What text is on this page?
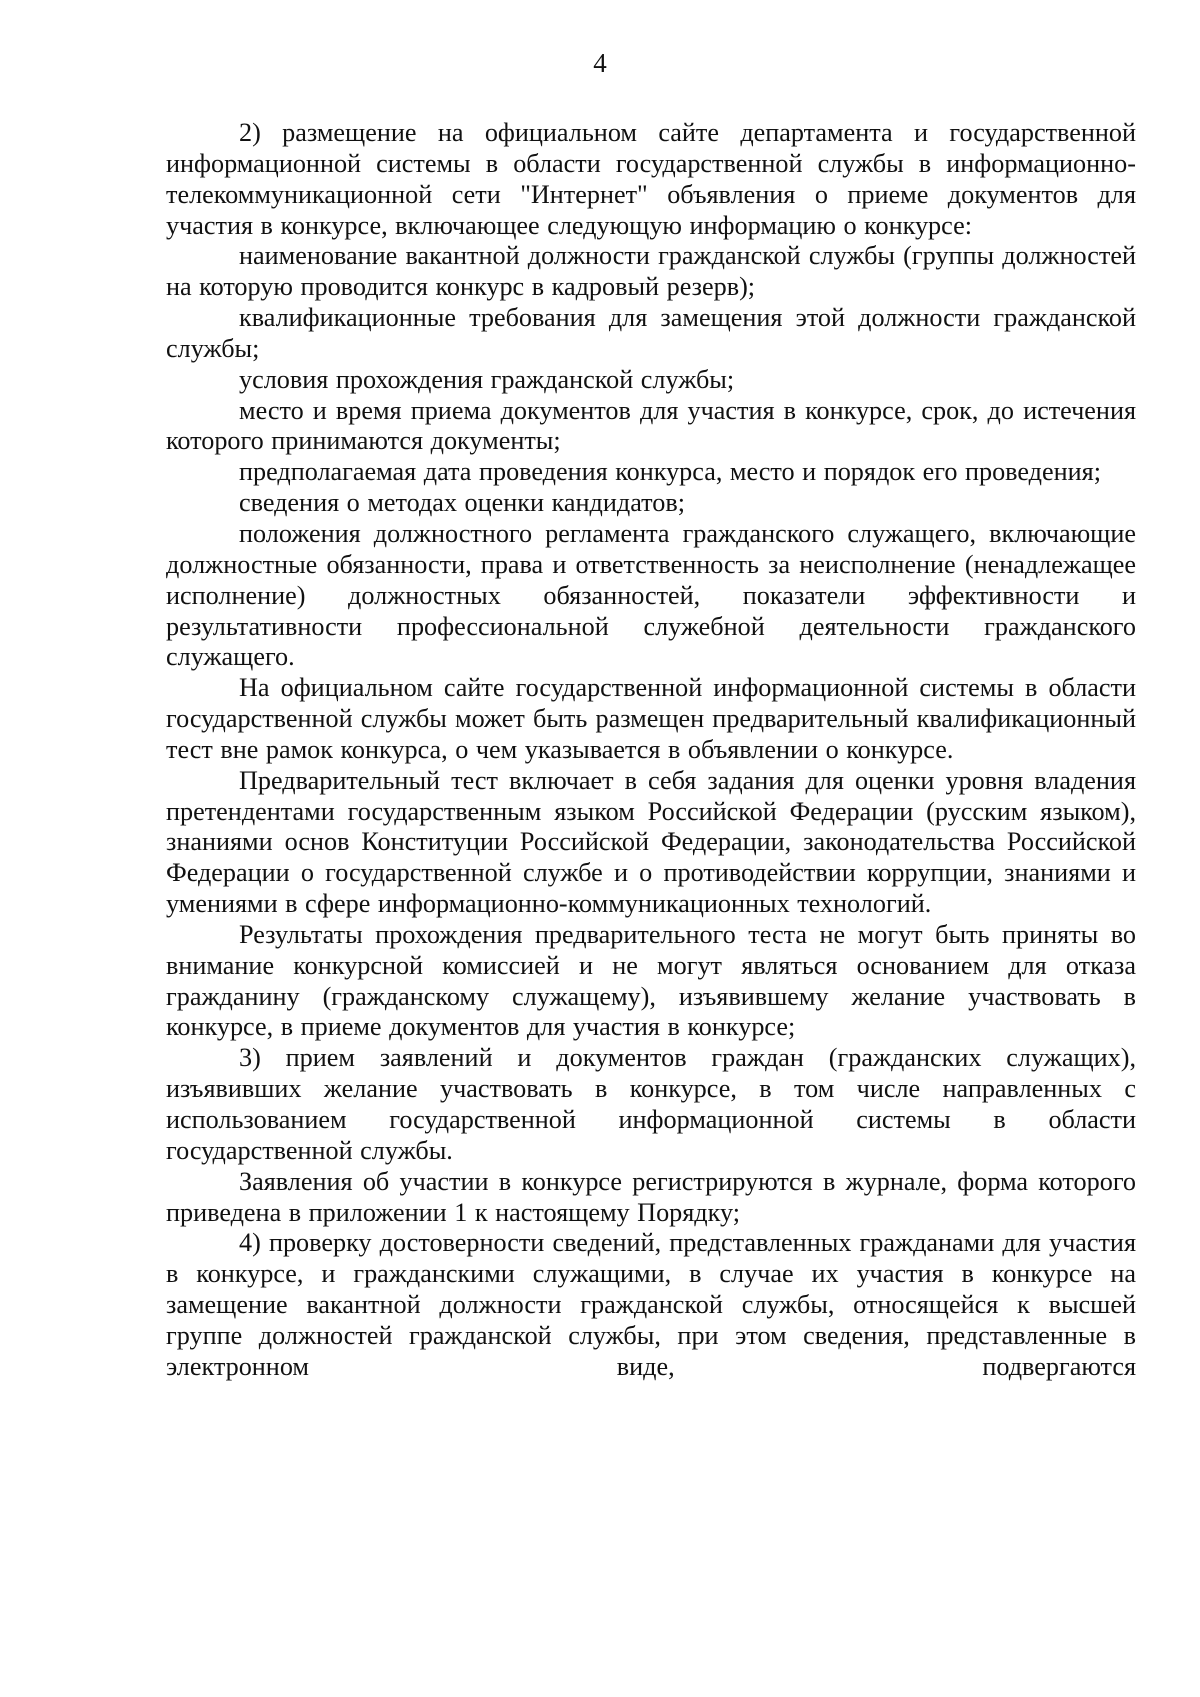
4

2) размещение на официальном сайте департамента и государственной информационной системы в области государственной службы в информационно-телекоммуникационной сети "Интернет" объявления о приеме документов для участия в конкурсе, включающее следующую информацию о конкурсе:

наименование вакантной должности гражданской службы (группы должностей на которую проводится конкурс в кадровый резерв);

квалификационные требования для замещения этой должности гражданской службы;

условия прохождения гражданской службы;

место и время приема документов для участия в конкурсе, срок, до истечения которого принимаются документы;

предполагаемая дата проведения конкурса, место и порядок его проведения;

сведения о методах оценки кандидатов;

положения должностного регламента гражданского служащего, включающие должностные обязанности, права и ответственность за неисполнение (ненадлежащее исполнение) должностных обязанностей, показатели эффективности и результативности профессиональной служебной деятельности гражданского служащего.

На официальном сайте государственной информационной системы в области государственной службы может быть размещен предварительный квалификационный тест вне рамок конкурса, о чем указывается в объявлении о конкурсе.

Предварительный тест включает в себя задания для оценки уровня владения претендентами государственным языком Российской Федерации (русским языком), знаниями основ Конституции Российской Федерации, законодательства Российской Федерации о государственной службе и о противодействии коррупции, знаниями и умениями в сфере информационно-коммуникационных технологий.

Результаты прохождения предварительного теста не могут быть приняты во внимание конкурсной комиссией и не могут являться основанием для отказа гражданину (гражданскому служащему), изъявившему желание участвовать в конкурсе, в приеме документов для участия в конкурсе;

3) прием заявлений и документов граждан (гражданских служащих), изъявивших желание участвовать в конкурсе, в том числе направленных с использованием государственной информационной системы в области государственной службы.

Заявления об участии в конкурсе регистрируются в журнале, форма которого приведена в приложении 1 к настоящему Порядку;

4) проверку достоверности сведений, представленных гражданами для участия в конкурсе, и гражданскими служащими, в случае их участия в конкурсе на замещение вакантной должности гражданской службы, относящейся к высшей группе должностей гражданской службы, при этом сведения, представленные в электронном виде, подвергаются
